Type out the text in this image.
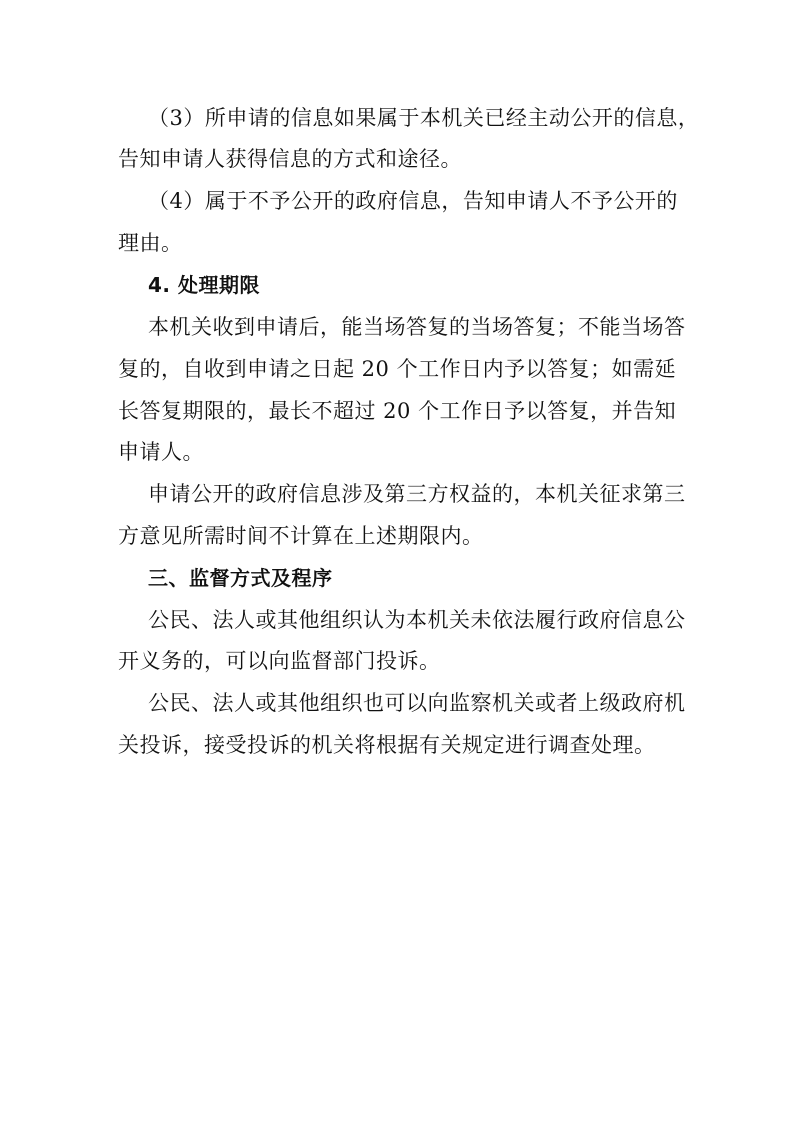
（3）所申请的信息如果属于本机关已经主动公开的信息，
告知申请人获得信息的方式和途径。
（4）属于不予公开的政府信息，告知申请人不予公开的
理由。
4. 处理期限
本机关收到申请后，能当场答复的当场答复；不能当场答
复的，自收到申请之日起 20 个工作日内予以答复；如需延
长答复期限的，最长不超过 20 个工作日予以答复，并告知
申请人。
申请公开的政府信息涉及第三方权益的，本机关征求第三
方意见所需时间不计算在上述期限内。
三、监督方式及程序
公民、法人或其他组织认为本机关未依法履行政府信息公
开义务的，可以向监督部门投诉。
公民、法人或其他组织也可以向监察机关或者上级政府机
关投诉，接受投诉的机关将根据有关规定进行调查处理。
